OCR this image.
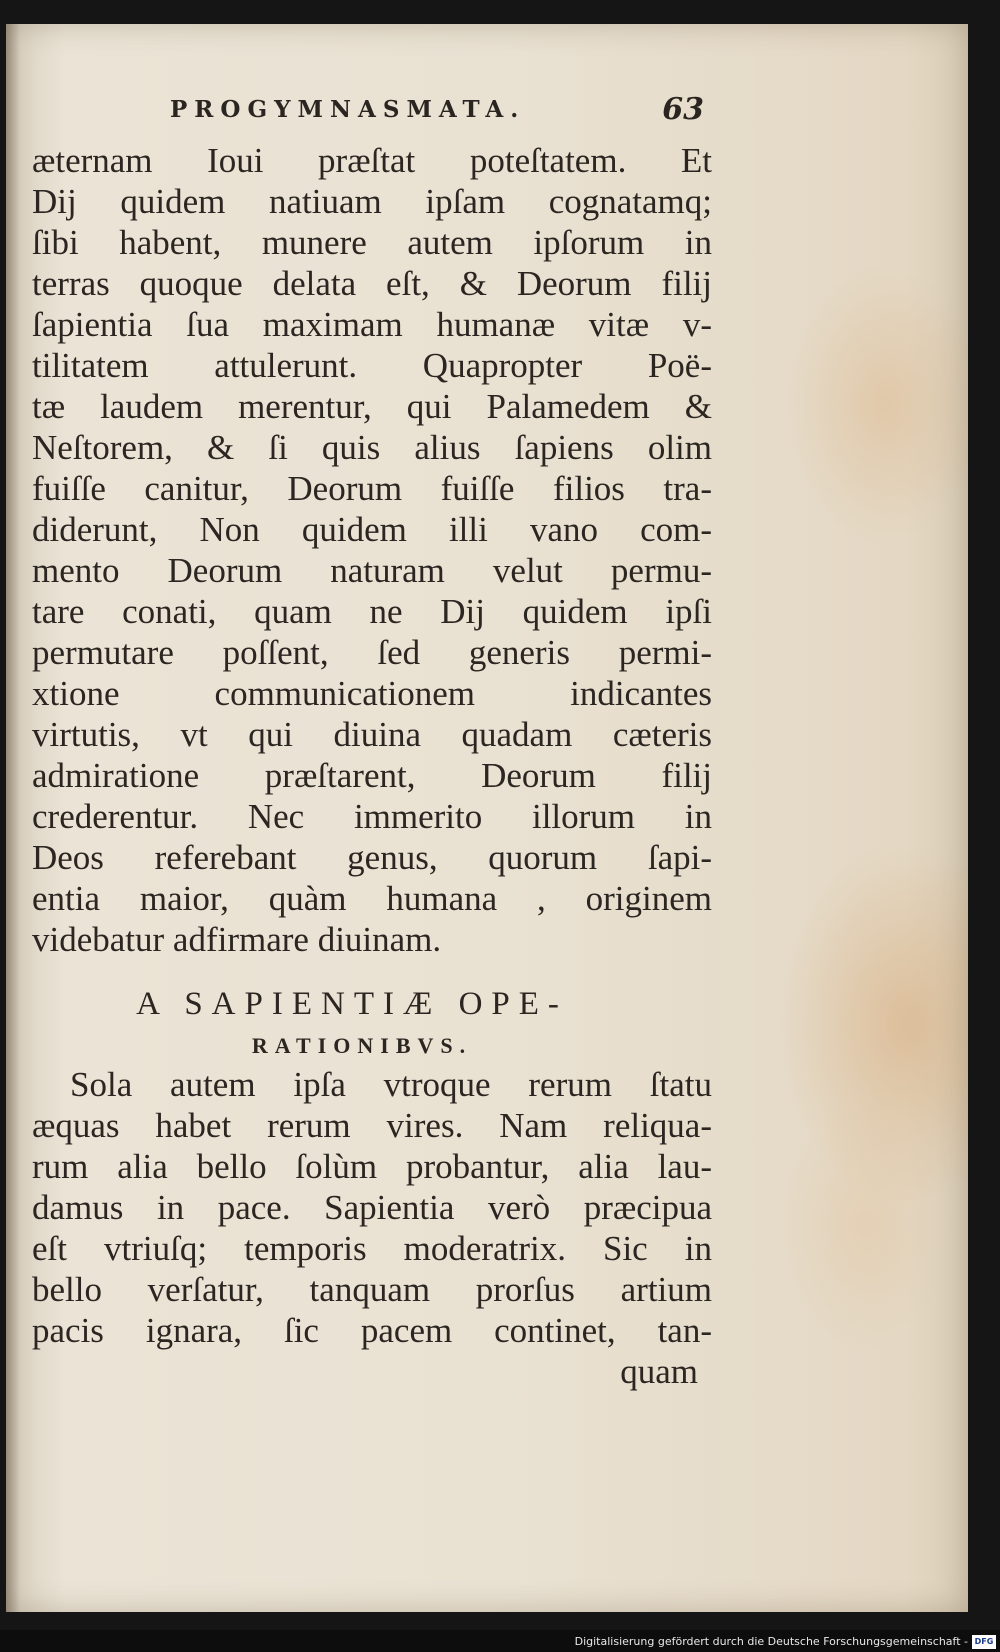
PROGYMNASMATA.	63
æternam Ioui præſtat poteſtatem. Et
Dij quidem natiuam ipſam cognatamq;
ſibi habent, munere autem ipſorum in
terras quoque delata eſt, & Deorum filij
ſapientia ſua maximam humanæ vitæ v-
tilitatem attulerunt. Quapropter Poë-
tæ laudem merentur, qui Palamedem &
Neſtorem, & ſi quis alius ſapiens olim
fuiſſe canitur, Deorum fuiſſe filios tra-
diderunt, Non quidem illi vano com-
mento Deorum naturam velut permu-
tare conati, quam ne Dij quidem ipſi
permutare poſſent, ſed generis permi-
xtione communicationem indicantes
virtutis, vt qui diuina quadam cæteris
admiratione præſtarent, Deorum filij
crederentur. Nec immerito illorum in
Deos referebant genus, quorum ſapi-
entia maior, quàm humana , originem
videbatur adfirmare diuinam.
A SAPIENTIÆ OPE-
RATIONIBVS.
Sola autem ipſa vtroque rerum ſtatu
æquas habet rerum vires. Nam reliqua-
rum alia bello ſolùm probantur, alia lau-
damus in pace. Sapientia verò præcipua
eſt vtriuſq; temporis moderatrix. Sic in
bello verſatur, tanquam prorſus artium
pacis ignara, ſic pacem continet, tan-
quam
Digitalisierung gefördert durch die Deutsche Forschungsgemeinschaft - DFG
